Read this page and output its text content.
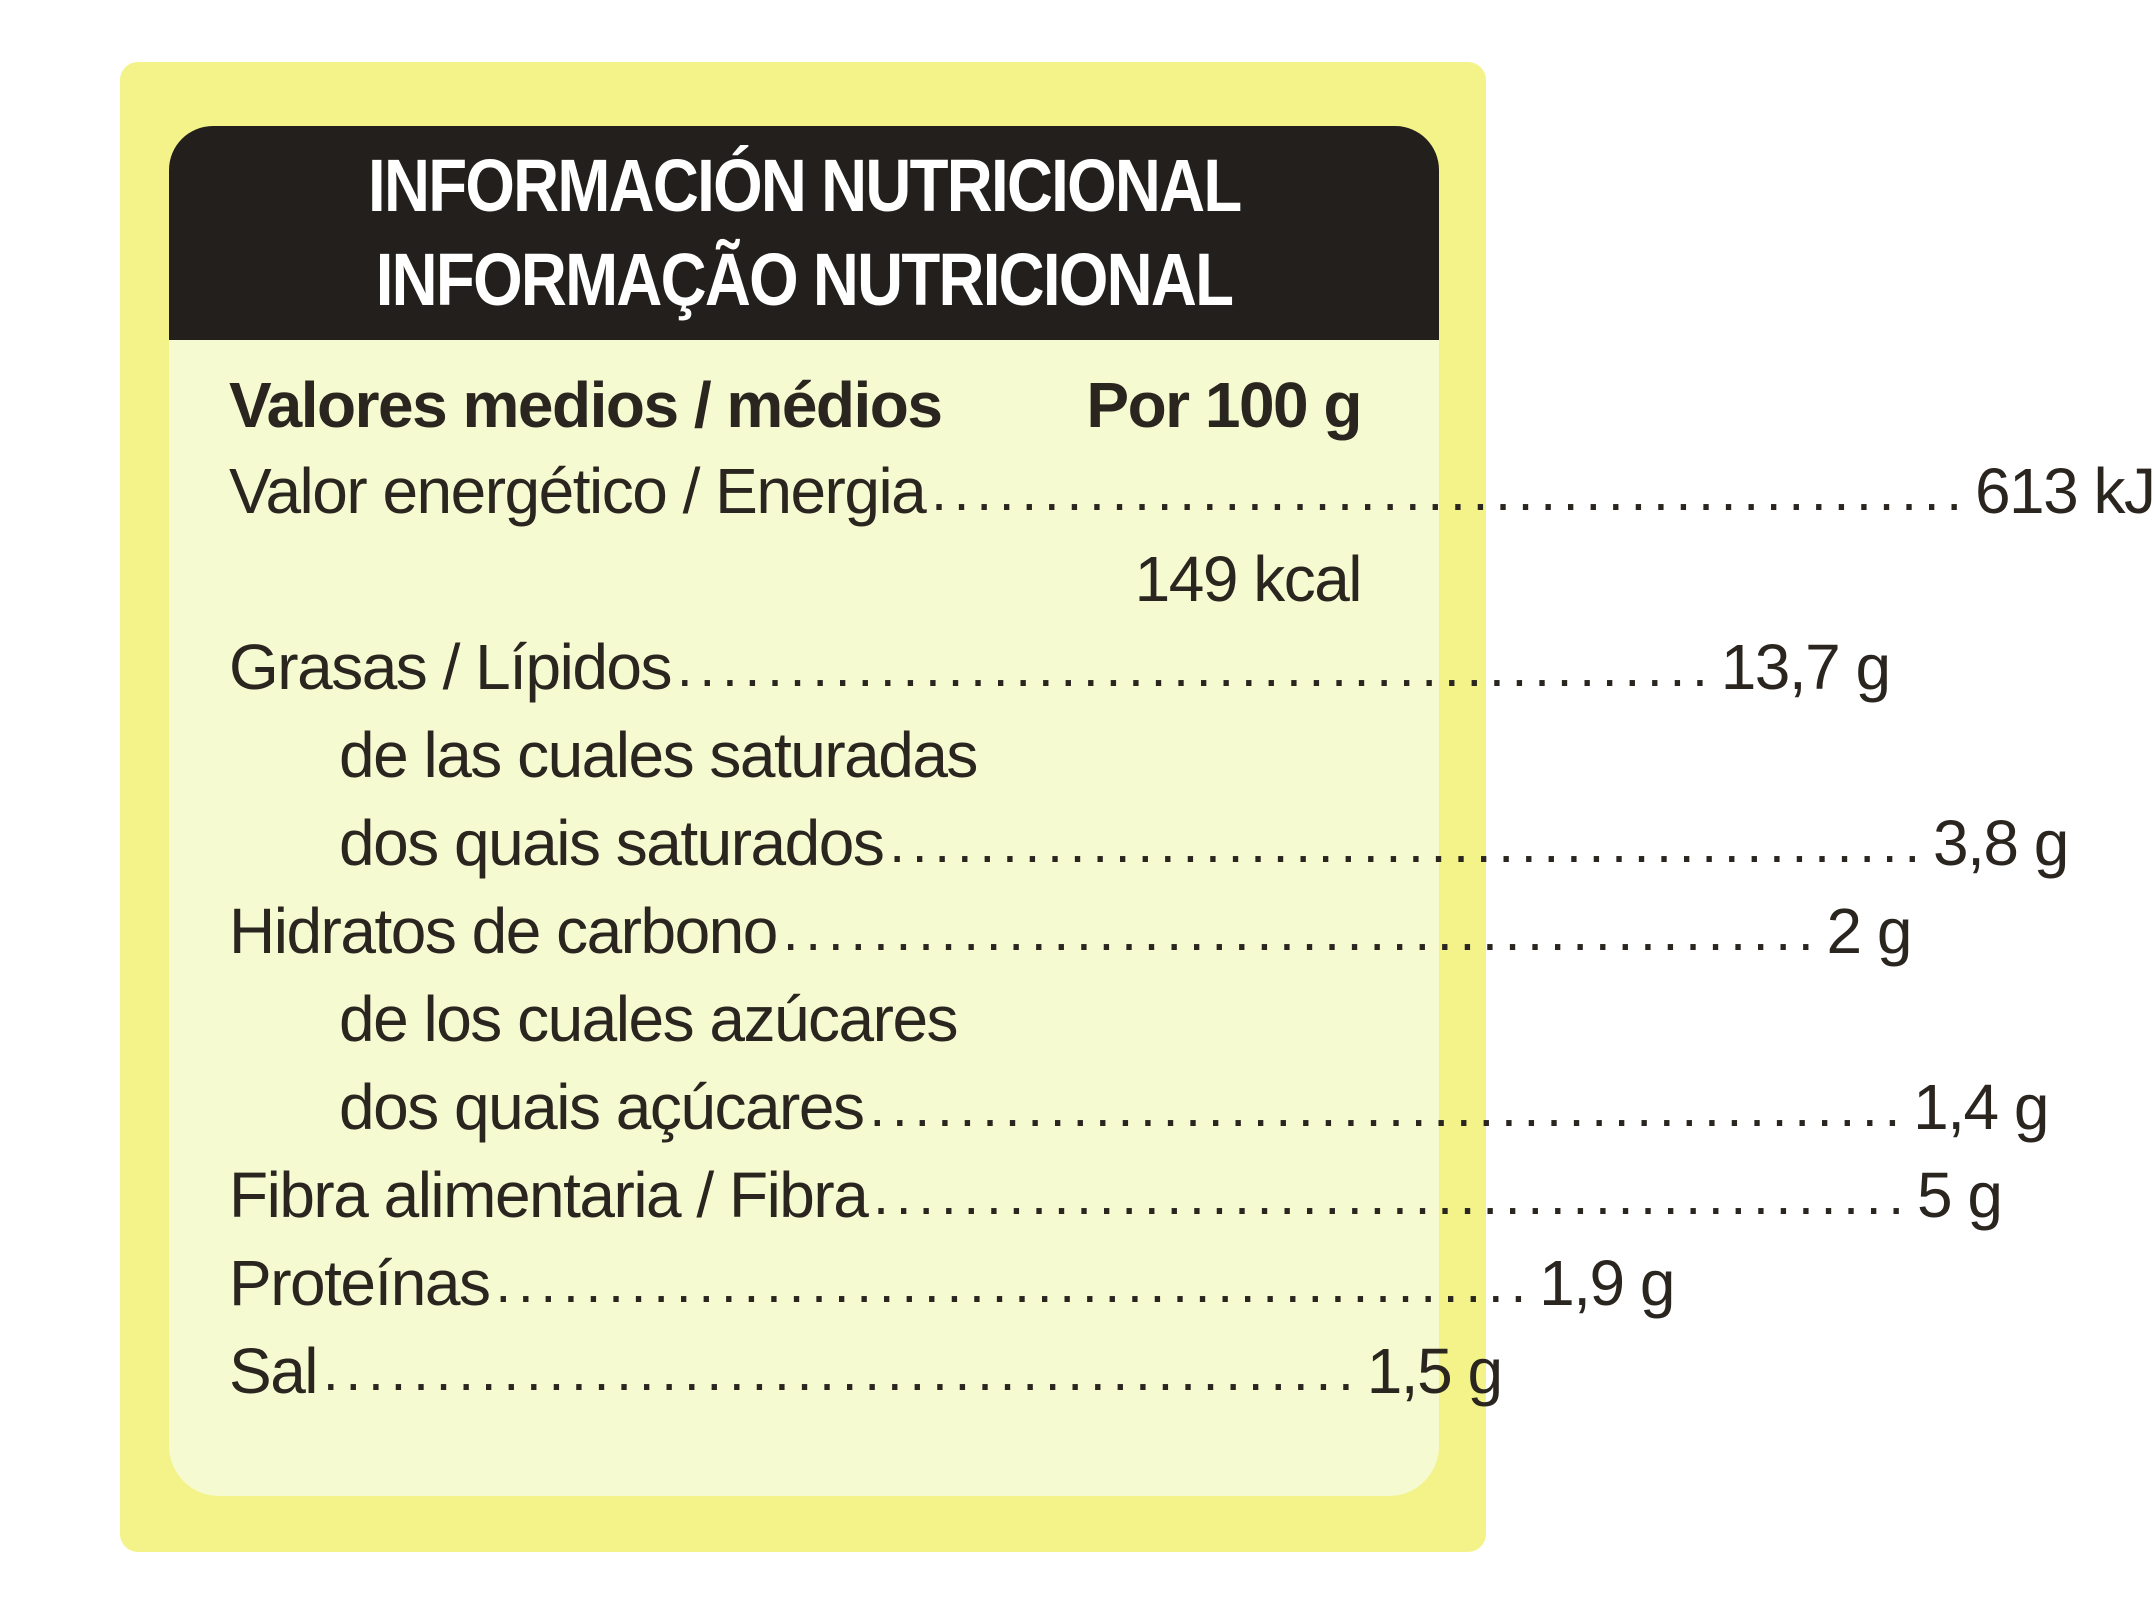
INFORMACIÓN NUTRICIONAL
INFORMAÇÃO NUTRICIONAL
Valores medios / médios Por 100 g
Valor energético / Energia .............................................. 613 kJ
149 kcal
Grasas / Lípidos .............................................. 13,7 g
de las cuales saturadas
dos quais saturados .............................................. 3,8 g
Hidratos de carbono .............................................. 2 g
de los cuales azúcares
dos quais açúcares .............................................. 1,4 g
Fibra alimentaria / Fibra .............................................. 5 g
Proteínas .............................................. 1,9 g
Sal .............................................. 1,5 g
